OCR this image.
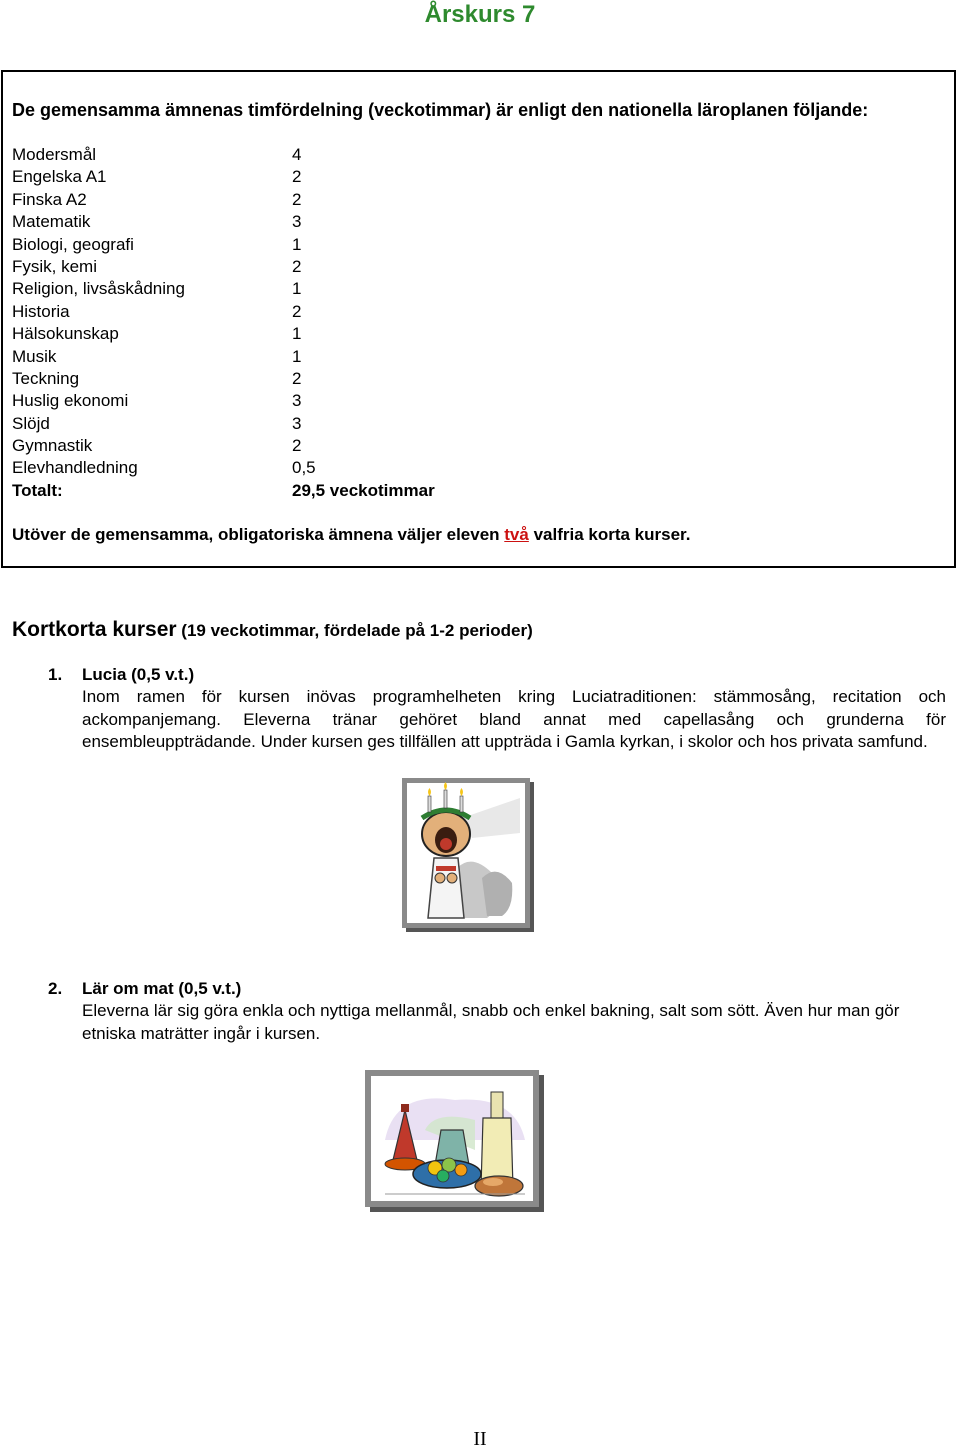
Årskurs 7
De gemensamma ämnenas timfördelning (veckotimmar) är enligt den nationella läroplanen följande:
Modersmål	4
Engelska A1	2
Finska A2	2
Matematik	3
Biologi, geografi	1
Fysik, kemi	2
Religion, livsåskådning	1
Historia	2
Hälsokunskap	1
Musik	1
Teckning	2
Huslig ekonomi	3
Slöjd	3
Gymnastik	2
Elevhandledning	0,5
Totalt:	29,5 veckotimmar
Utöver de gemensamma, obligatoriska ämnena väljer eleven två valfria korta kurser.
Kortkorta kurser (19 veckotimmar, fördelade på 1-2 perioder)
1. Lucia (0,5 v.t.)
Inom ramen för kursen inövas programhelheten kring Luciatraditionen: stämmosång, recitation och ackompanjemang. Eleverna tränar gehöret bland annat med capellasång och grunderna för ensembleuppträdande. Under kursen ges tillfällen att uppträda i Gamla kyrkan, i skolor och hos privata samfund.
2. Lär om mat (0,5 v.t.)
Eleverna lär sig göra enkla och nyttiga mellanmål, snabb och enkel bakning, salt som sött. Även hur man gör etniska maträtter ingår i kursen.
II
